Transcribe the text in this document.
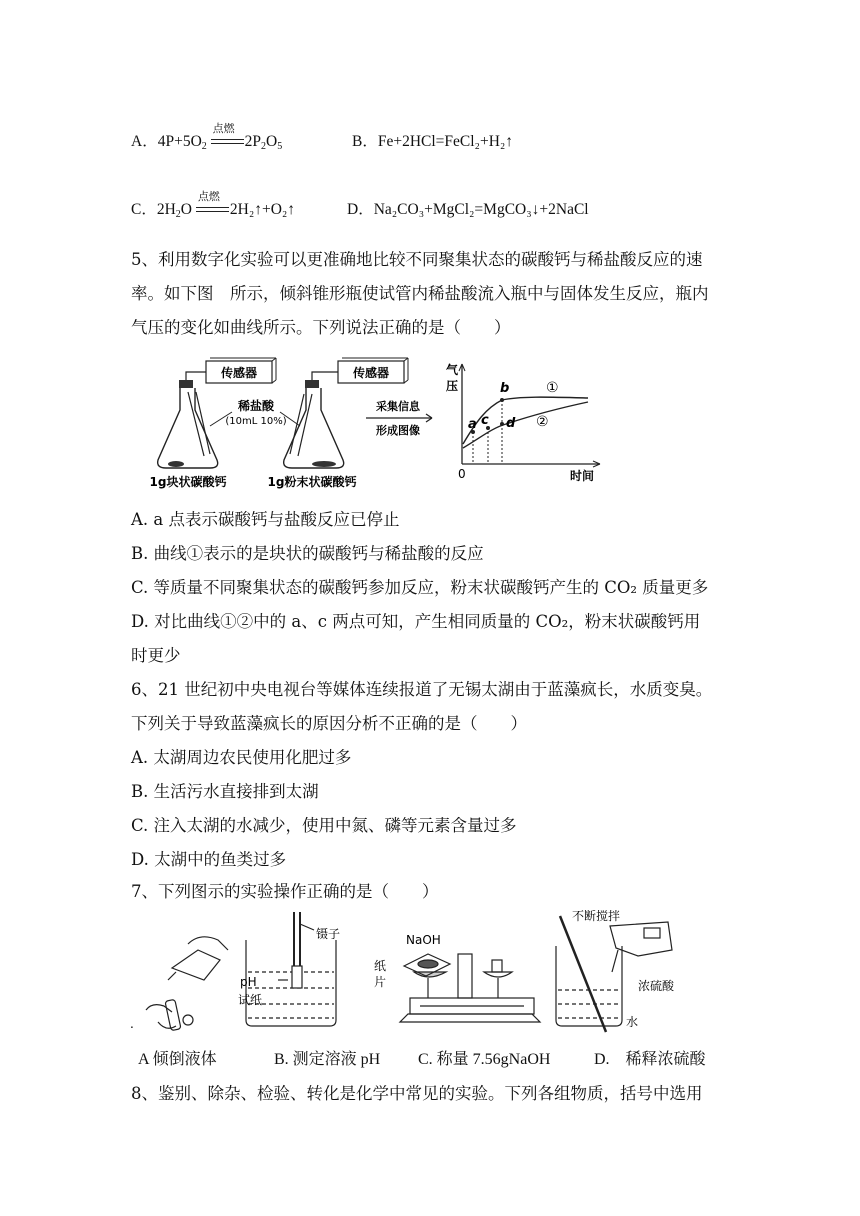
A．$4P+5O_2$
点燃
$2P_2O_5$	B．Fe+2HCl=FeCl₂+H₂↑
C．$2H_2O$
点燃
2H₂↑+O₂↑	D．Na₂CO₃+MgCl₂=MgCO₃↓+2NaCl
5、利用数字化实验可以更准确地比较不同聚集状态的碳酸钙与稀盐酸反应的速
率。如下图　所示，倾斜锥形瓶使试管内稀盐酸流入瓶中与固体发生反应，瓶内
气压的变化如曲线所示。下列说法正确的是（　　）
传感器	传感器
稀盐酸
(10mL 10%)
1g块状碳酸钙	1g粉末状碳酸钙
采集信息
形成图像
气
压
时间
0
a c
b
d
①
②
A. a 点表示碳酸钙与盐酸反应已停止
B. 曲线①表示的是块状的碳酸钙与稀盐酸的反应
C. 等质量不同聚集状态的碳酸钙参加反应，粉末状碳酸钙产生的 CO₂ 质量更多
D. 对比曲线①②中的 a、c 两点可知，产生相同质量的 CO₂，粉末状碳酸钙用
时更少
6、21 世纪初中央电视台等媒体连续报道了无锡太湖由于蓝藻疯长，水质变臭。
下列关于导致蓝藻疯长的原因分析不正确的是（　　）
A. 太湖周边农民使用化肥过多
B. 生活污水直接排到太湖
C. 注入太湖的水减少，使用中氮、磷等元素含量过多
D. 太湖中的鱼类过多
7、下列图示的实验操作正确的是（　　）
.
镊子
pH
试纸
NaOH
纸
片
不断搅拌
浓硫酸
水
A 倾倒液体	B. 测定溶液 pH C. 称量 7.56gNaOH	D.　稀释浓硫酸
8、鉴别、除杂、检验、转化是化学中常见的实验。下列各组物质，括号中选用
